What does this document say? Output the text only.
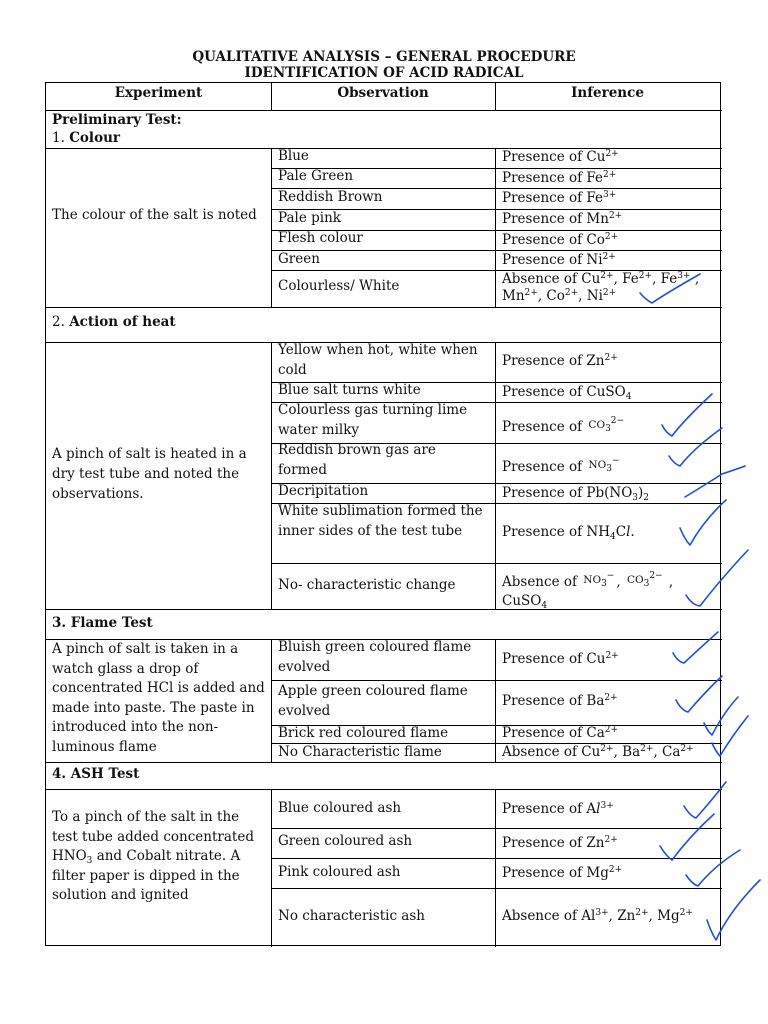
QUALITATIVE ANALYSIS – GENERAL PROCEDURE
IDENTIFICATION OF ACID RADICAL
Experiment	Observation	Inference
Preliminary Test:
1. Colour
The colour of the salt is noted
Blue
Pale Green
Reddish Brown
Pale pink
Flesh colour
Green
Colourless/ White
Presence of $Cu^{2+}$
Presence of $Fe^{2+}$
Presence of $Fe^{3+}$
Presence of $Mn^{2+}$
Presence of $Co^{2+}$
Presence of $Ni^{2+}$
Absence of $Cu^{2+}$, $Fe^{2+}$, $Fe^{3+}$ ,
$Mn^{2+}$, $Co^{2+}$, $Ni^{2+}$
2. Action of heat
A pinch of salt is heated in a dry test tube and noted the observations.
Yellow when hot, white when cold
Blue salt turns white
Colourless gas turning lime water milky
Reddish brown gas are formed
Decripitation
White sublimation formed the inner sides of the test tube
No- characteristic change
Presence of $Zn^{2+}$
Presence of CuSO$_4$
Presence of $CO_3^{2-}$
Presence of $NO_3^-$
Presence of $Pb(NO_3)_2$
Presence of $NH_4Cl$.
Absence of $NO_3^-$ , $CO_3^{2-}$ ,
CuSO$_4$
3. Flame Test
A pinch of salt is taken in a watch glass a drop of concentrated HCl is added and made into paste. The paste in introduced into the non-luminous flame
Bluish green coloured flame evolved
Apple green coloured flame evolved
Brick red coloured flame
No Characteristic flame
Presence of $Cu^{2+}$
Presence of $Ba^{2+}$
Presence of $Ca^{2+}$
Absence of $Cu^{2+}$, $Ba^{2+}$, $Ca^{2+}$
4. ASH Test
To a pinch of the salt in the test tube added concentrated $HNO_3$ and Cobalt nitrate. A filter paper is dipped in the solution and ignited
Blue coloured ash
Green coloured ash
Pink coloured ash
No characteristic ash
Presence of $Al^{3+}$
Presence of $Zn^{2+}$
Presence of $Mg^{2+}$
Absence of $Al^{3+}$, $Zn^{2+}$, $Mg^{2+}$
